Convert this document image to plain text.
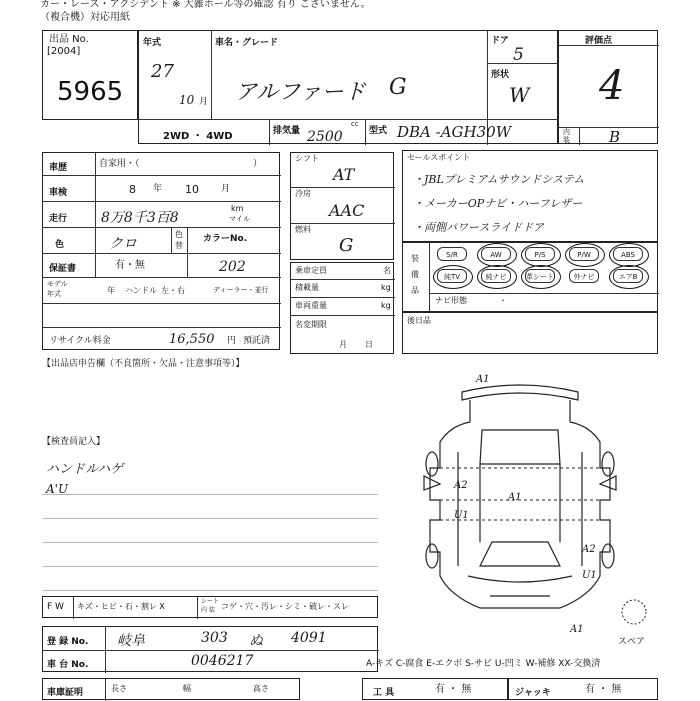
カー・レース・アクシデント ※ 大雑ホール等の確認 有り ございません。
（複合機）対応用紙
出品 No.
[2004]
5965
年式
27
10 月
車名・グレード
アルファード G
ドア
5
形状
W
2WD ・ 4WD	排気量
cc
2500	型式 DBA -AGH30W
評価点
4
内
装	B
車歴	自家用・（	）
車検	8 年 10 月
走行 8万8千3百8
km
マイル
色	クロ
色
替
カラーNo.
202
保証書	有・無
モデル
年式	年 ハンドル 左・右	ディーラー・並行
リサイクル料金	16,550 円 預託済
シフト
AT
冷房
AAC
燃料
G
乗車定員	名
積載量	kg
車両重量	kg
名変期限
月日
セールスポイント
・JBLプレミアムサウンドシステム
・メーカーOPナビ・ハーフレザー
・両側パワースライドドア
装
備
品
S/R	AW	P/S	P/W	ABS
純TV	純ナビ	革シート	外ナビ	エアB
ナビ形態	・
後日品
【出品店申告欄（不良箇所・欠品・注意事項等）】
【検査員記入】
ハンドルハゲ
A'U
F W キズ・ヒビ・石・割レ X
シート
内 装 コゲ・穴・汚レ・シミ・破レ・スレ
登 録 No. 岐阜	303 ぬ 4091
車 台 No.	0046217	A-キズ C-腐食 E-エクボ S-サビ U-凹ミ W-補修 XX-交換済
車庫証明	長さ	幅	高さ	工 具	有 ・ 無	ジャッキ	有 ・ 無
A1
A2
U1
A2
U1
A1
A1
スペア
